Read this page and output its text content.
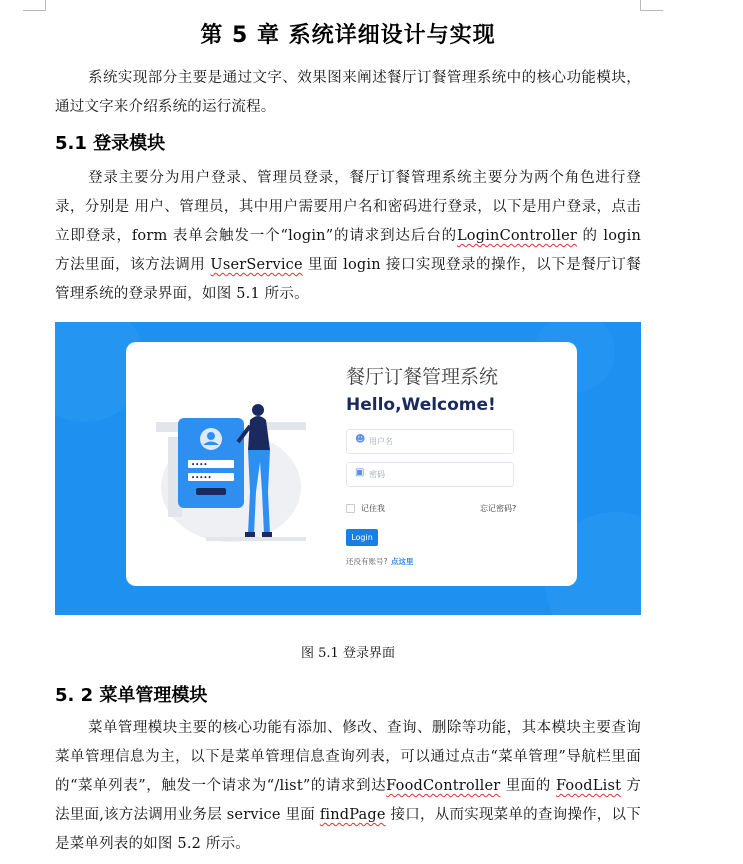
第 5 章 系统详细设计与实现

系统实现部分主要是通过文字、效果图来阐述餐厅订餐管理系统中的核心功能模块，通过文字来介绍系统的运行流程。

5.1 登录模块

登录主要分为用户登录、管理员登录，餐厅订餐管理系统主要分为两个角色进行登录，分别是 用户、管理员，其中用户需要用户名和密码进行登录，以下是用户登录，点击立即登录，form 表单会触发一个“login”的请求到达后台的LoginController 的 login 方法里面，该方法调用 UserService 里面 login 接口实现登录的操作，以下是餐厅订餐管理系统的登录界面，如图 5.1 所示。

••••
•••••
餐厅订餐管理系统
Hello,Welcome!
☻ 用户名
▣ 密码
记住我	忘记密码?
Login
还没有账号? 点这里
图 5.1 登录界面
5. 2 菜单管理模块

菜单管理模块主要的核心功能有添加、修改、查询、删除等功能，其本模块主要查询菜单管理信息为主，以下是菜单管理信息查询列表，可以通过点击“菜单管理”导航栏里面的“菜单列表”，触发一个请求为“/list”的请求到达FoodController 里面的 FoodList 方法里面,该方法调用业务层 service 里面 findPage 接口，从而实现菜单的查询操作，以下是菜单列表的如图 5.2 所示。
